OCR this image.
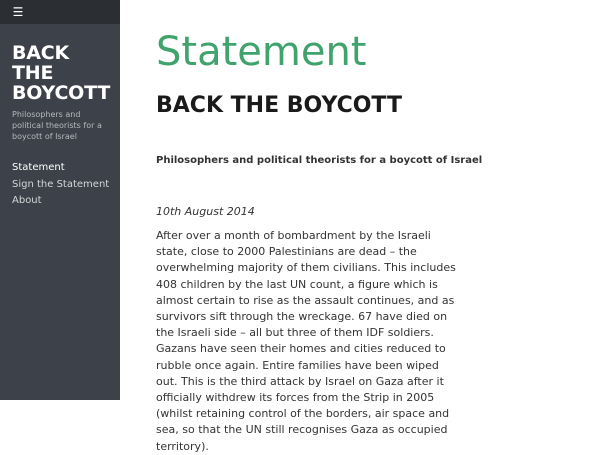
☰
BACK THE BOYCOTT
Philosophers and political theorists for a boycott of Israel
Statement
Sign the Statement
About
Statement
BACK THE BOYCOTT

Philosophers and political theorists for a boycott of Israel

10th August 2014

After over a month of bombardment by the Israeli state, close to 2000 Palestinians are dead – the overwhelming majority of them civilians. This includes 408 children by the last UN count, a figure which is almost certain to rise as the assault continues, and as survivors sift through the wreckage. 67 have died on the Israeli side – all but three of them IDF soldiers. Gazans have seen their homes and cities reduced to rubble once again. Entire families have been wiped out. This is the third attack by Israel on Gaza after it officially withdrew its forces from the Strip in 2005 (whilst retaining control of the borders, air space and sea, so that the UN still recognises Gaza as occupied territory).
